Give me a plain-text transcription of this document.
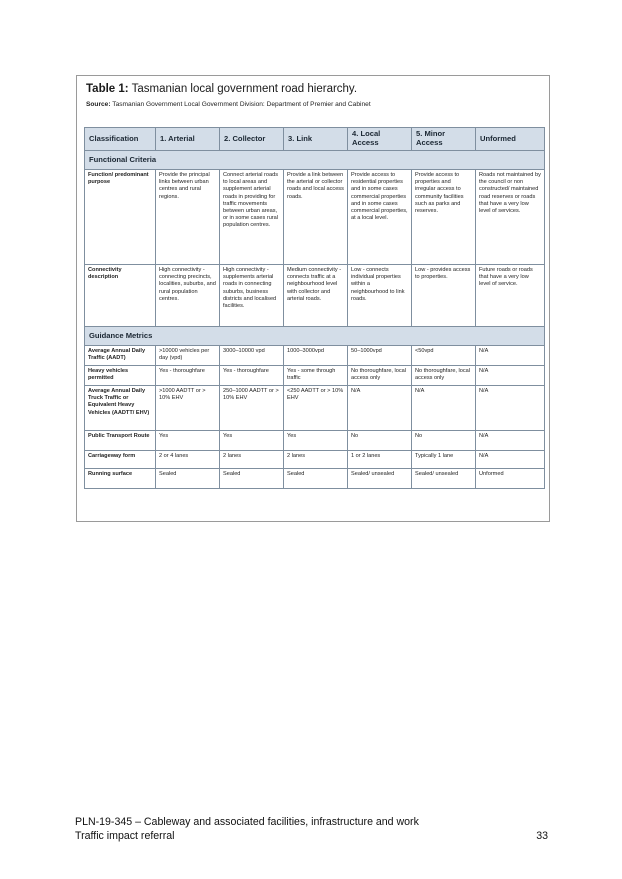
Table 1: Tasmanian local government road hierarchy.
Source: Tasmanian Government Local Government Division: Department of Premier and Cabinet
Classification	1. Arterial	2. Collector	3. Link	4. Local Access	5. Minor Access	Unformed
Functional Criteria						
Function/ predominant purpose	Provide the principal links between urban centres and rural regions.	Connect arterial roads to local areas and supplement arterial roads in providing for traffic movements between urban areas, or in some cases rural population centres.	Provide a link between the arterial or collector roads and local access roads.	Provide access to residential properties and in some cases commercial properties and in some cases commercial properties, at a local level.	Provide access to properties and irregular access to community facilities such as parks and reserves.	Roads not maintained by the council or non constructed/ maintained road reserves or roads that have a very low level of services.
Connectivity description	High connectivity - connecting precincts, localities, suburbs, and rural population centres.	High connectivity - supplements arterial roads in connecting suburbs, business districts and localised facilities.	Medium connectivity - connects traffic at a neighbourhood level with collector and arterial roads.	Low - connects individual properties within a neighbourhood to link roads.	Low - provides access to properties.	Future roads or roads that have a very low level of service.
Guidance Metrics						
Average Annual Daily Traffic (AADT)	>10000 vehicles per day (vpd)	3000–10000 vpd	1000–3000vpd	50–1000vpd	<50vpd	N/A
Heavy vehicles permitted	Yes - thoroughfare	Yes - thoroughfare	Yes - some through traffic	No thoroughfare, local access only	No thoroughfare, local access only	N/A
Average Annual Daily Truck Traffic or Equivalent Heavy Vehicles (AADTT/ EHV)	>1000 AADTT or > 10% EHV	250–1000 AADTT or > 10% EHV	<250 AADTT or > 10% EHV	N/A	N/A	N/A
Public Transport Route	Yes	Yes	Yes	No	No	N/A
Carriageway form	2 or 4 lanes	2 lanes	2 lanes	1 or 2 lanes	Typically 1 lane	N/A
Running surface	Sealed	Sealed	Sealed	Sealed/ unsealed	Sealed/ unsealed	Unformed
PLN-19-345 – Cableway and associated facilities, infrastructure and work
Traffic impact referral	33
